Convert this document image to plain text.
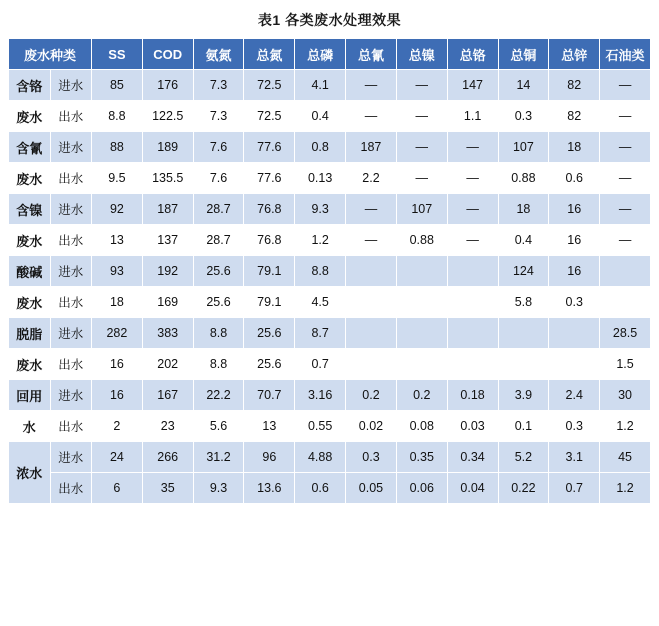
表1 各类废水处理效果
废水种类		SS	COD	氨氮	总氮	总磷	总氰	总镍	总铬	总铜	总锌	石油类
含铬	进水	85	176	7.3	72.5	4.1	—	—	147	14	82	—
废水	出水	8.8	122.5	7.3	72.5	0.4	—	—	1.1	0.3	82	—
含氰	进水	88	189	7.6	77.6	0.8	187	—	—	107	18	—
废水	出水	9.5	135.5	7.6	77.6	0.13	2.2	—	—	0.88	0.6	—
含镍	进水	92	187	28.7	76.8	9.3	—	107	—	18	16	—
废水	出水	13	137	28.7	76.8	1.2	—	0.88	—	0.4	16	—
酸碱	进水	93	192	25.6	79.1	8.8				124	16	
废水	出水	18	169	25.6	79.1	4.5				5.8	0.3	
脱脂	进水	282	383	8.8	25.6	8.7						28.5
废水	出水	16	202	8.8	25.6	0.7						1.5
回用	进水	16	167	22.2	70.7	3.16	0.2	0.2	0.18	3.9	2.4	30
水	出水	2	23	5.6	13	0.55	0.02	0.08	0.03	0.1	0.3	1.2
浓水	进水	24	266	31.2	96	4.88	0.3	0.35	0.34	5.2	3.1	45
	出水	6	35	9.3	13.6	0.6	0.05	0.06	0.04	0.22	0.7	1.2
